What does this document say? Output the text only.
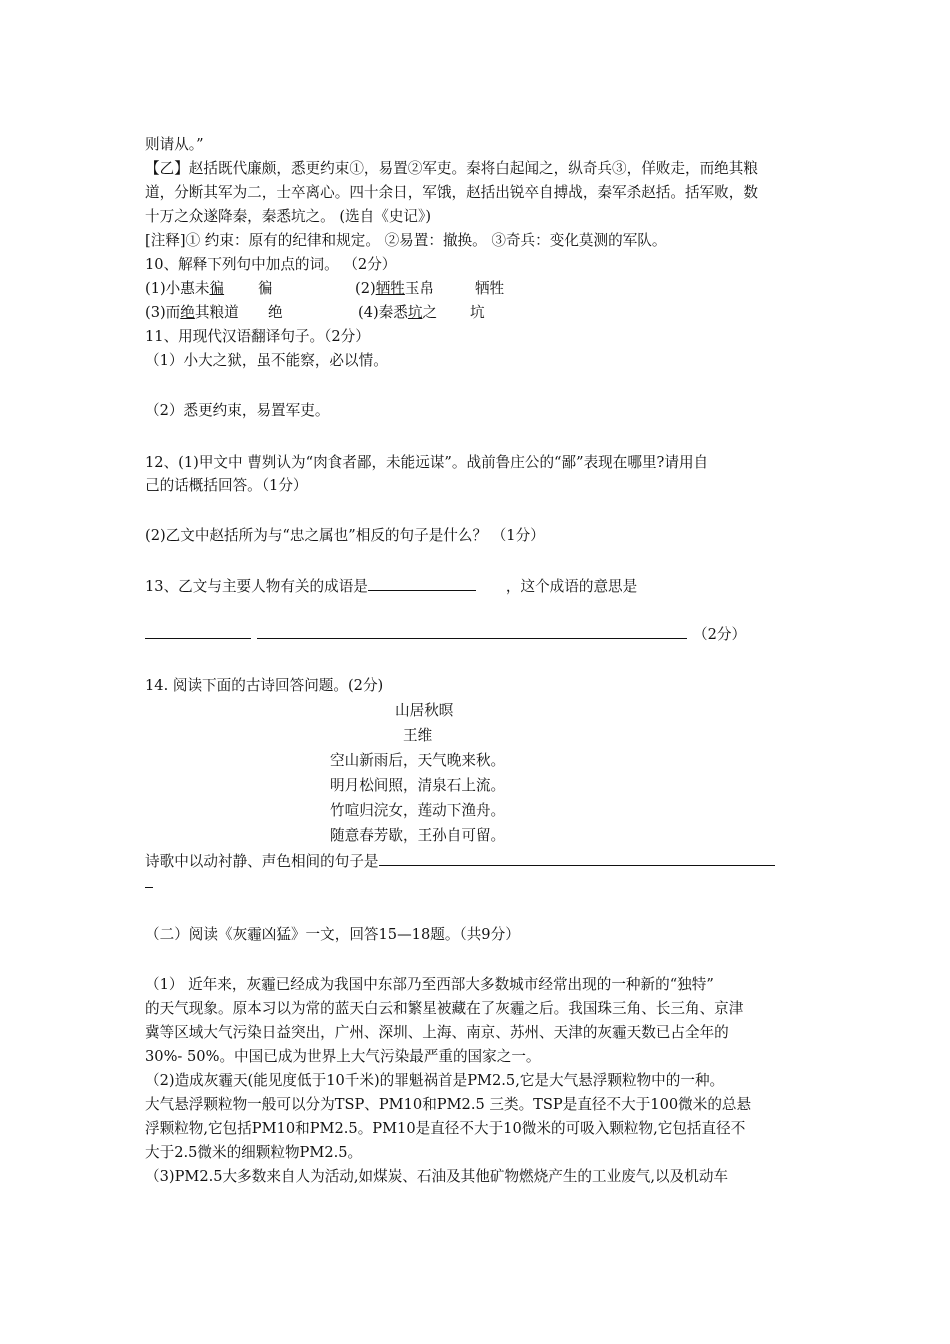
则请从。”
【乙】赵括既代廉颇，悉更约束①，易置②军吏。秦将白起闻之，纵奇兵③，佯败走，而绝其粮
道，分断其军为二，士卒离心。四十余日，军饿，赵括出锐卒自搏战，秦军杀赵括。括军败，数
十万之众遂降秦，秦悉坑之。 (选自《史记》)
[注释]① 约束：原有的纪律和规定。 ②易置：撤换。 ③奇兵：变化莫测的军队。
10、解释下列句中加点的词。 （2分）
(1)小惠未徧 徧	(2)牺牲玉帛	牺牲
(3)而绝其粮道 绝	(4)秦悉坑之 坑
11、用现代汉语翻译句子。（2分）
（1）小大之狱，虽不能察，必以情。
（2）悉更约束，易置军吏。
12、(1)甲文中 曹刿认为“肉食者鄙，未能远谋”。战前鲁庄公的“鄙”表现在哪里?请用自
己的话概括回答。（1分）
(2)乙文中赵括所为与“忠之属也”相反的句子是什么？ （1分）
13、乙文与主要人物有关的成语是	，这个成语的意思是
（2分）
14. 阅读下面的古诗回答问题。(2分)
山居秋暝
王维
空山新雨后，天气晚来秋。
明月松间照，清泉石上流。
竹喧归浣女，莲动下渔舟。
随意春芳歇，王孙自可留。
诗歌中以动衬静、声色相间的句子是
（二）阅读《灰霾凶猛》一文，回答15—18题。（共9分）
（1） 近年来，灰霾已经成为我国中东部乃至西部大多数城市经常出现的一种新的“独特”
的天气现象。原本习以为常的蓝天白云和繁星被藏在了灰霾之后。我国珠三角、长三角、京津
冀等区域大气污染日益突出，广州、深圳、上海、南京、苏州、天津的灰霾天数已占全年的
30%- 50%。中国已成为世界上大气污染最严重的国家之一。
（2)造成灰霾天(能见度低于10千米)的罪魁祸首是PM2.5,它是大气悬浮颗粒物中的一种。
大气悬浮颗粒物一般可以分为TSP、PM10和PM2.5 三类。TSP是直径不大于100微米的总悬
浮颗粒物,它包括PM10和PM2.5。PM10是直径不大于10微米的可吸入颗粒物,它包括直径不
大于2.5微米的细颗粒物PM2.5。
（3)PM2.5大多数来自人为活动,如煤炭、石油及其他矿物燃烧产生的工业废气,以及机动车
